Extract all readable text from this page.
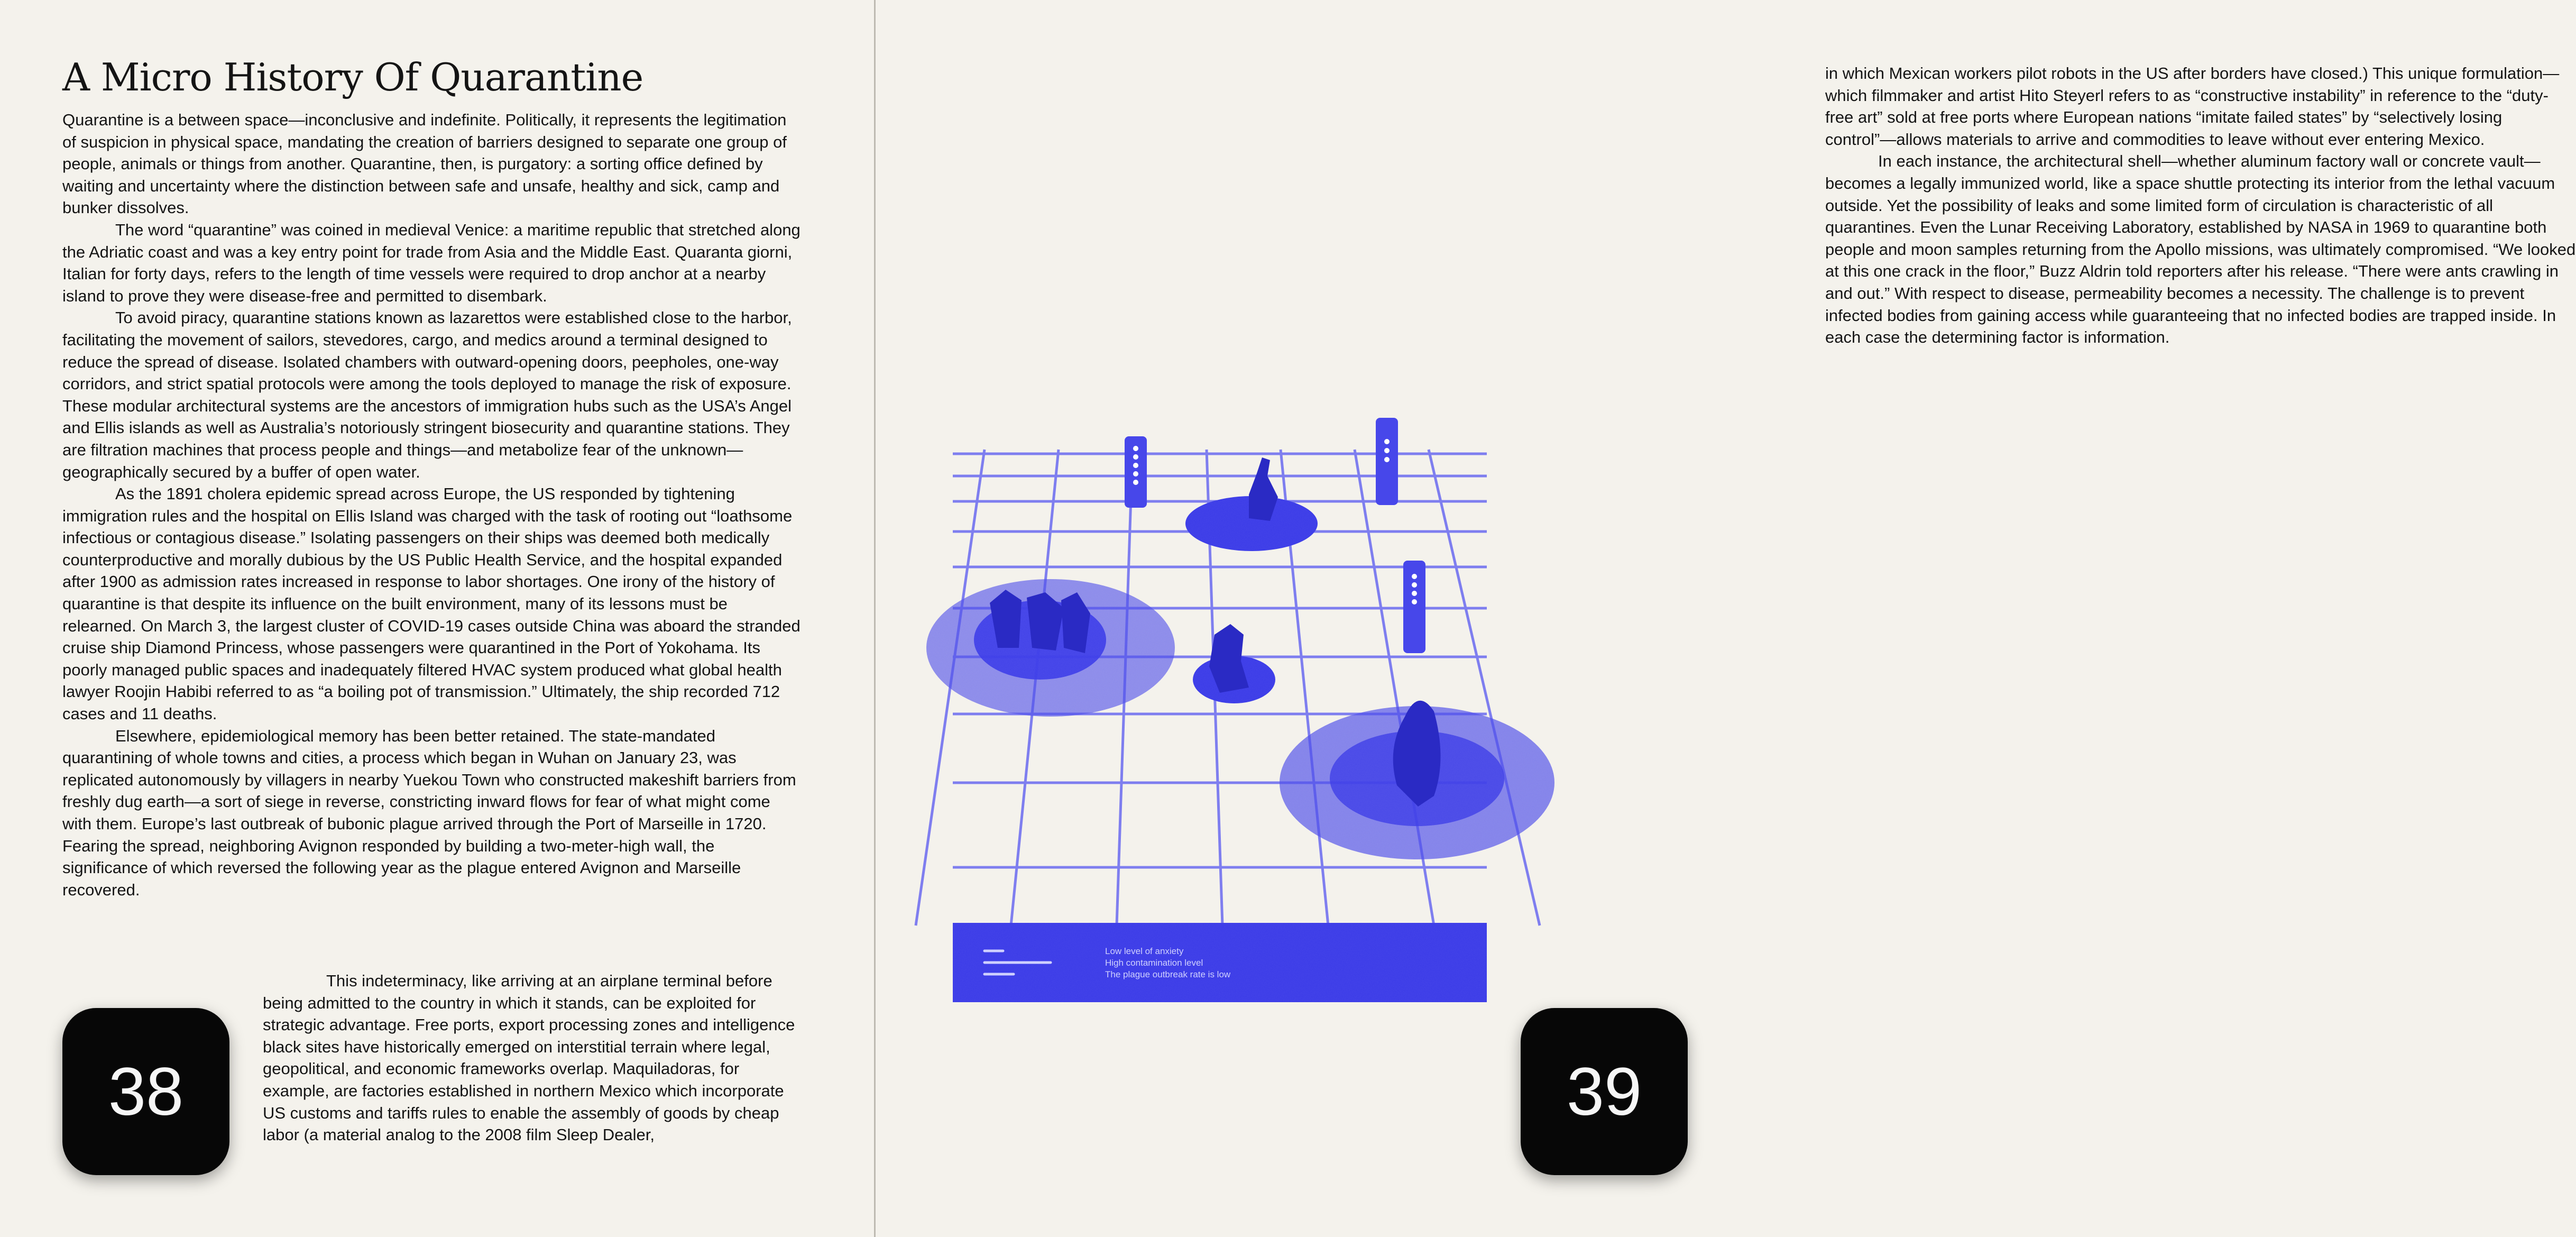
A Micro History Of Quarantine

Quarantine is a between space—inconclusive and indefinite. Politically, it represents the legitimation of suspicion in physical space, mandating the creation of barriers designed to separate one group of people, animals or things from another. Quarantine, then, is purgatory: a sorting office defined by waiting and uncertainty where the distinction between safe and unsafe, healthy and sick, camp and bunker dissolves.

The word “quarantine” was coined in medieval Venice: a maritime republic that stretched along the Adriatic coast and was a key entry point for trade from Asia and the Middle East. Quaranta giorni, Italian for forty days, refers to the length of time vessels were required to drop anchor at a nearby island to prove they were disease-free and permitted to disembark.

To avoid piracy, quarantine stations known as lazarettos were established close to the harbor, facilitating the movement of sailors, stevedores, cargo, and medics around a terminal designed to reduce the spread of disease. Isolated chambers with outward-opening doors, peepholes, one-way corridors, and strict spatial protocols were among the tools deployed to manage the risk of exposure. These modular architectural systems are the ancestors of immigration hubs such as the USA’s Angel and Ellis islands as well as Australia’s notoriously stringent biosecurity and quarantine stations. They are filtration machines that process people and things—and metabolize fear of the unknown—geographically secured by a buffer of open water.

As the 1891 cholera epidemic spread across Europe, the US responded by tightening immigration rules and the hospital on Ellis Island was charged with the task of rooting out “loathsome infectious or contagious disease.” Isolating passengers on their ships was deemed both medically counterproductive and morally dubious by the US Public Health Service, and the hospital expanded after 1900 as admission rates increased in response to labor shortages. One irony of the history of quarantine is that despite its influence on the built environment, many of its lessons must be relearned. On March 3, the largest cluster of COVID-19 cases outside China was aboard the stranded cruise ship Diamond Princess, whose passengers were quarantined in the Port of Yokohama. Its poorly managed public spaces and inadequately filtered HVAC system produced what global health lawyer Roojin Habibi referred to as “a boiling pot of transmission.” Ultimately, the ship recorded 712 cases and 11 deaths.

Elsewhere, epidemiological memory has been better retained. The state-mandated quarantining of whole towns and cities, a process which began in Wuhan on January 23, was replicated autonomously by villagers in nearby Yuekou Town who constructed makeshift barriers from freshly dug earth—a sort of siege in reverse, constricting inward flows for fear of what might come with them. Europe’s last outbreak of bubonic plague arrived through the Port of Marseille in 1720. Fearing the spread, neighboring Avignon responded by building a two-meter-high wall, the significance of which reversed the following year as the plague entered Avignon and Marseille recovered.

This indeterminacy, like arriving at an airplane terminal before being admitted to the country in which it stands, can be exploited for strategic advantage. Free ports, export processing zones and intelligence black sites have historically emerged on interstitial terrain where legal, geopolitical, and economic frameworks overlap. Maquiladoras, for example, are factories established in northern Mexico which incorporate US customs and tariffs rules to enable the assembly of goods by cheap labor (a material analog to the 2008 film Sleep Dealer,

38

in which Mexican workers pilot robots in the US after borders have closed.) This unique formulation—which filmmaker and artist Hito Steyerl refers to as “constructive instability” in reference to the “duty-free art” sold at free ports where European nations “imitate failed states” by “selectively losing control”—allows materials to arrive and commodities to leave without ever entering Mexico.

In each instance, the architectural shell—whether aluminum factory wall or concrete vault—becomes a legally immunized world, like a space shuttle protecting its interior from the lethal vacuum outside. Yet the possibility of leaks and some limited form of circulation is characteristic of all quarantines. Even the Lunar Receiving Laboratory, established by NASA in 1969 to quarantine both people and moon samples returning from the Apollo missions, was ultimately compromised. “We looked at this one crack in the floor,” Buzz Aldrin told reporters after his release. “There were ants crawling in and out.” With respect to disease, permeability becomes a necessity. The challenge is to prevent infected bodies from gaining access while guaranteeing that no infected bodies are trapped inside. In each case the determining factor is information.

Low level of anxiety
High contamination level
The plague outbreak rate is low
39
